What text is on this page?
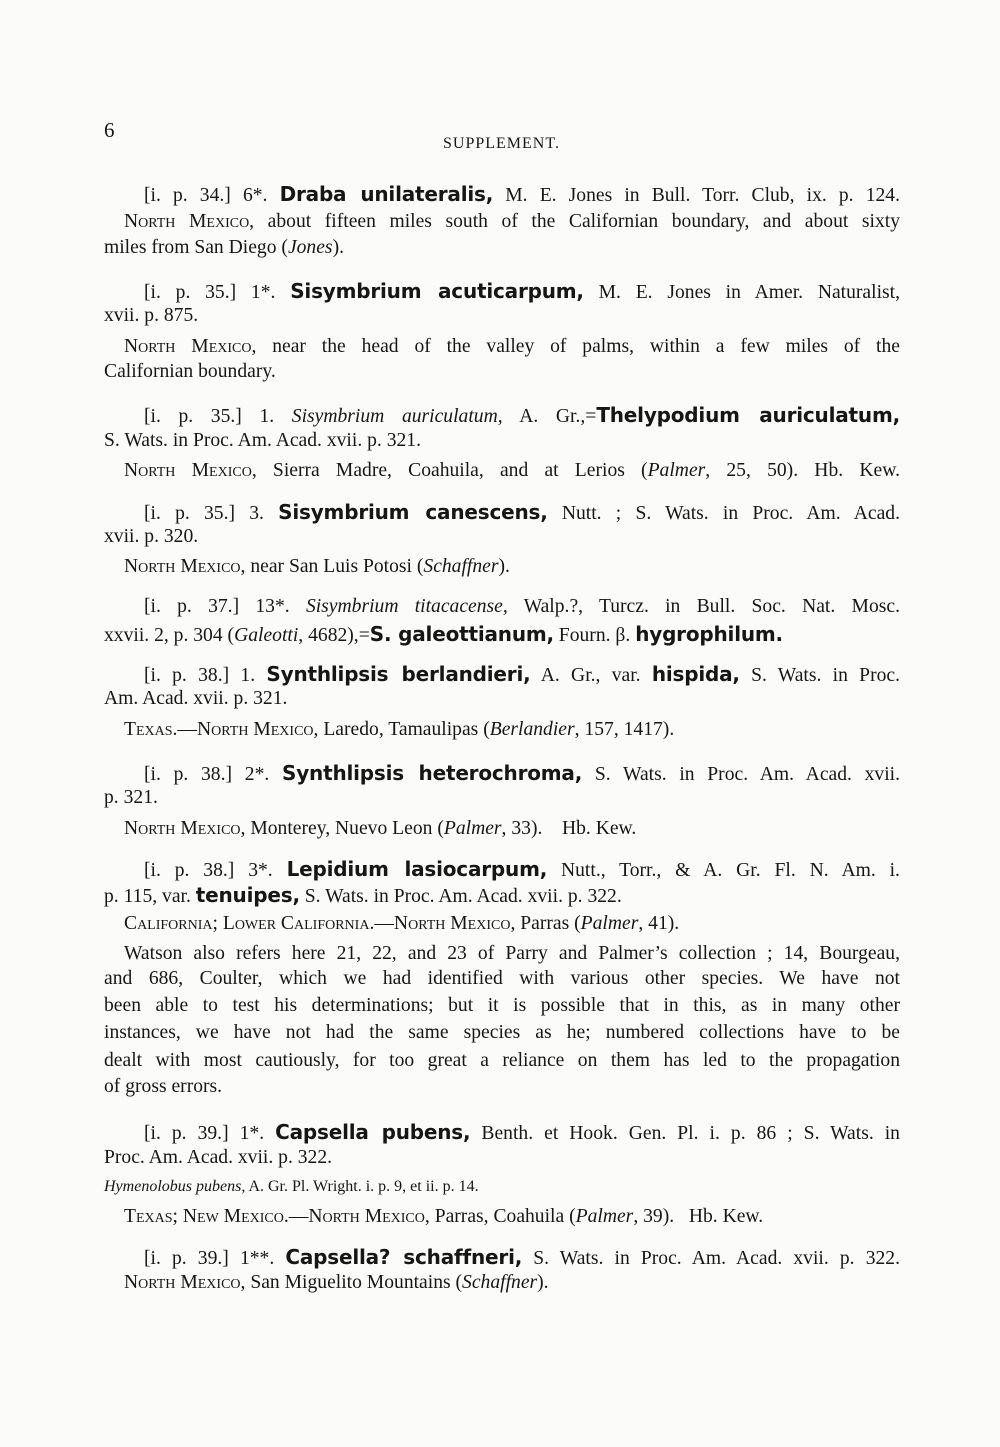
6
SUPPLEMENT.
[i. p. 34.] 6*. Draba unilateralis, M. E. Jones in Bull. Torr. Club, ix. p. 124.
North Mexico, about fifteen miles south of the Californian boundary, and about sixty
miles from San Diego (Jones).
[i. p. 35.] 1*. Sisymbrium acuticarpum, M. E. Jones in Amer. Naturalist,
xvii. p. 875.
North Mexico, near the head of the valley of palms, within a few miles of the
Californian boundary.
[i. p. 35.] 1. Sisymbrium auriculatum, A. Gr.,=Thelypodium auriculatum,
S. Wats. in Proc. Am. Acad. xvii. p. 321.
North Mexico, Sierra Madre, Coahuila, and at Lerios (Palmer, 25, 50). Hb. Kew.
[i. p. 35.] 3. Sisymbrium canescens, Nutt. ; S. Wats. in Proc. Am. Acad.
xvii. p. 320.
North Mexico, near San Luis Potosi (Schaffner).
[i. p. 37.] 13*. Sisymbrium titacacense, Walp.?, Turcz. in Bull. Soc. Nat. Mosc.
xxvii. 2, p. 304 (Galeotti, 4682),=S. galeottianum, Fourn. β. hygrophilum.
[i. p. 38.] 1. Synthlipsis berlandieri, A. Gr., var. hispida, S. Wats. in Proc.
Am. Acad. xvii. p. 321.
Texas.—North Mexico, Laredo, Tamaulipas (Berlandier, 157, 1417).
[i. p. 38.] 2*. Synthlipsis heterochroma, S. Wats. in Proc. Am. Acad. xvii.
p. 321.
North Mexico, Monterey, Nuevo Leon (Palmer, 33). Hb. Kew.
[i. p. 38.] 3*. Lepidium lasiocarpum, Nutt., Torr., & A. Gr. Fl. N. Am. i.
p. 115, var. tenuipes, S. Wats. in Proc. Am. Acad. xvii. p. 322.
California; Lower California.—North Mexico, Parras (Palmer, 41).
Watson also refers here 21, 22, and 23 of Parry and Palmer’s collection ; 14, Bourgeau,
and 686, Coulter, which we had identified with various other species. We have not
been able to test his determinations; but it is possible that in this, as in many other
instances, we have not had the same species as he; numbered collections have to be
dealt with most cautiously, for too great a reliance on them has led to the propagation
of gross errors.
[i. p. 39.] 1*. Capsella pubens, Benth. et Hook. Gen. Pl. i. p. 86 ; S. Wats. in
Proc. Am. Acad. xvii. p. 322.
Hymenolobus pubens, A. Gr. Pl. Wright. i. p. 9, et ii. p. 14.
Texas; New Mexico.—North Mexico, Parras, Coahuila (Palmer, 39). Hb. Kew.
[i. p. 39.] 1**. Capsella? schaffneri, S. Wats. in Proc. Am. Acad. xvii. p. 322.
North Mexico, San Miguelito Mountains (Schaffner).
